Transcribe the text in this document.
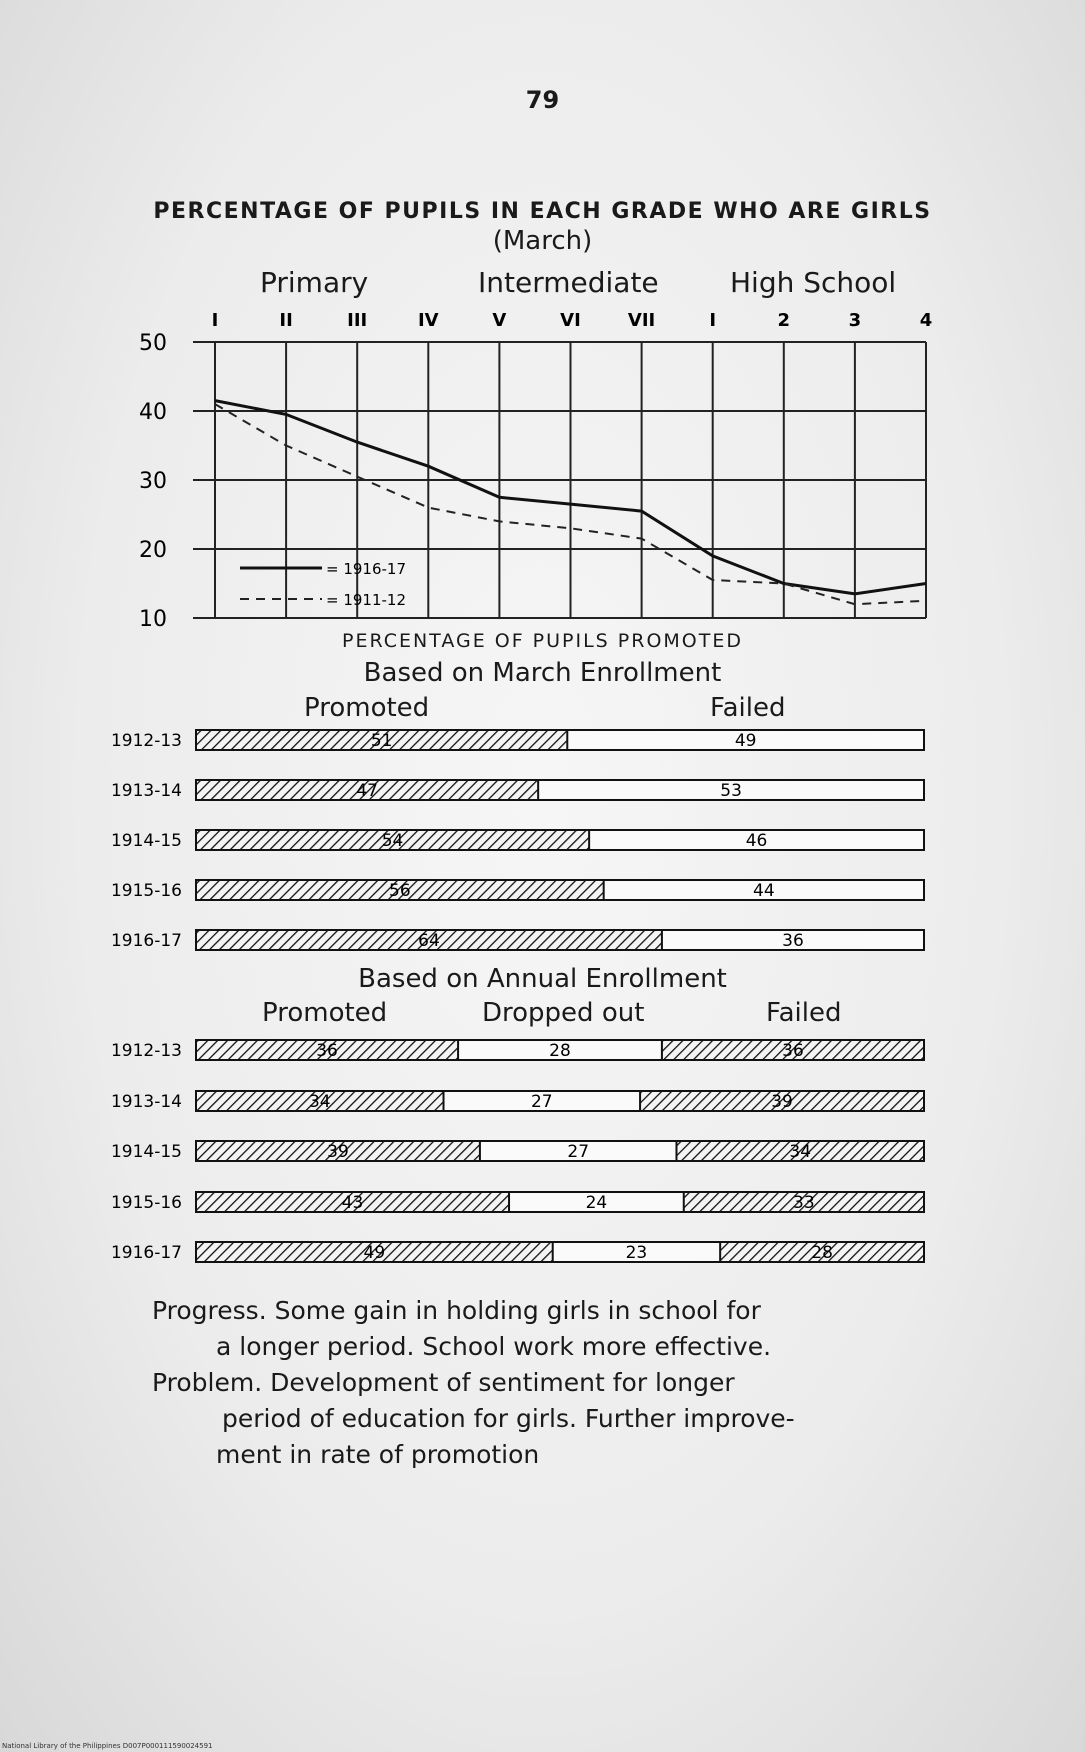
79
PERCENTAGE OF PUPILS IN EACH GRADE WHO ARE GIRLS
(March)
Primary	Intermediate	High School
I	II	III	IV	V	VI	VII	I	2	3	4
50
40
30
20
10
= 1916-17
= 1911-12
PERCENTAGE OF PUPILS PROMOTED
Based on March Enrollment
Promoted	Failed
Based on Annual Enrollment
Promoted	Dropped out	Failed
1912-13	51	49
1913-14	47	53
1914-15	54	46
1915-16	56	44
1916-17	64	36
1912-13	36	28	36
1913-14	34	27	39
1914-15	39	27	34
1915-16	43	24	33
1916-17	49	23	28
Progress. Some gain in holding girls in school for
a longer period. School work more effective.
Problem. Development of sentiment for longer
period of education for girls. Further improve-
ment in rate of promotion
National Library of the Philippines D007P000111590024591
